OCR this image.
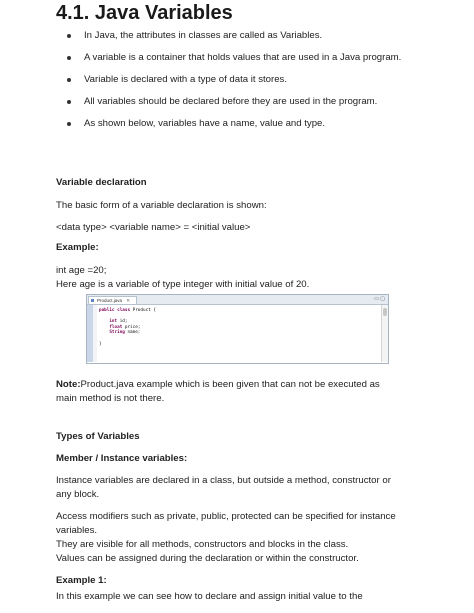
4.1. Java Variables
In Java, the attributes in classes are called as Variables.
A variable is a container that holds values that are used in a Java program.
Variable is declared with a type of data it stores.
All variables should be declared before they are used in the program.
As shown below, variables have a name, value and type.

Variable declaration

The basic form of a variable declaration is shown:

<data type> <variable name> = <initial value>

Example:

int age =20;

Here age is a variable of type integer with initial value of 20.

Product.java ✕	▭ ▢
public class Product {

int id;
float price;
String name;

}

Note:Product.java example which is been given that can not be executed as

main method is not there.

Types of Variables

Member / Instance variables:

Instance variables are declared in a class, but outside a method, constructor or

any block.

Access modifiers such as private, public, protected can be specified for instance

variables.

They are visible for all methods, constructors and blocks in the class.

Values can be assigned during the declaration or within the constructor.

Example 1:

In this example we can see how to declare and assign initial value to the
